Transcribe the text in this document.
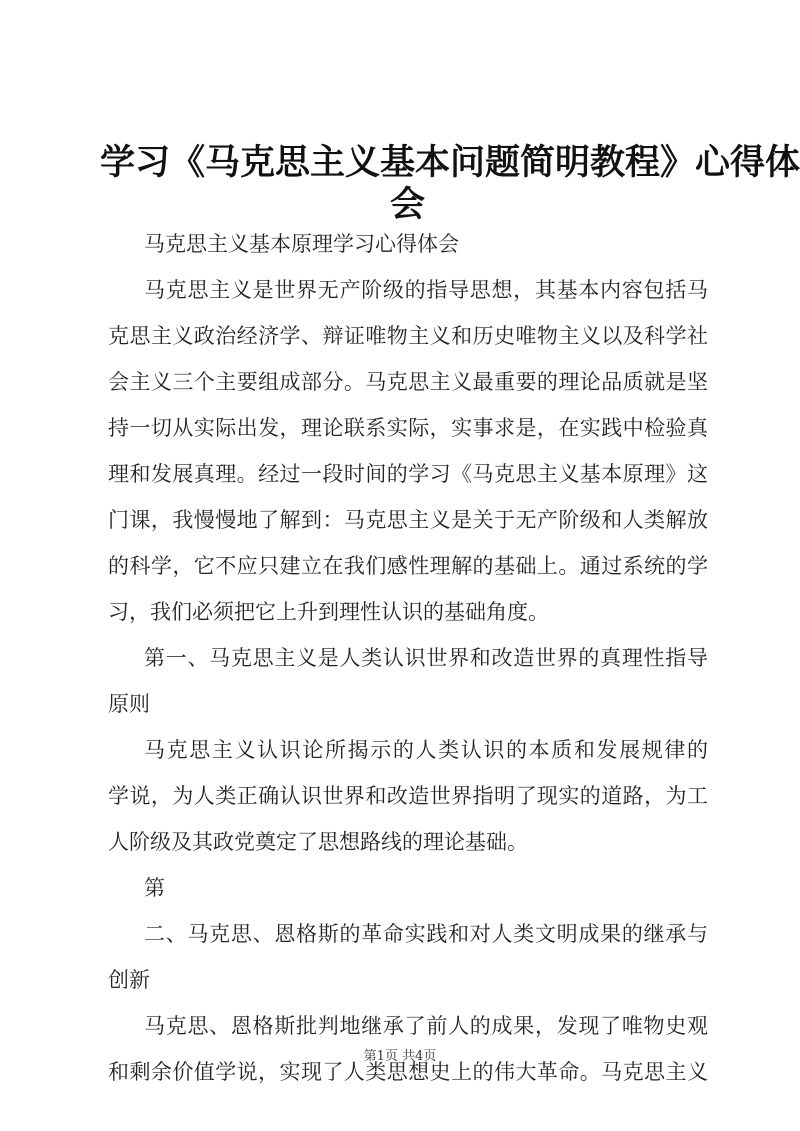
学习《马克思主义基本问题简明教程》心得体
会
马克思主义基本原理学习心得体会
马克思主义是世界无产阶级的指导思想，其基本内容包括马
克思主义政治经济学、辩证唯物主义和历史唯物主义以及科学社
会主义三个主要组成部分。马克思主义最重要的理论品质就是坚
持一切从实际出发，理论联系实际，实事求是，在实践中检验真
理和发展真理。经过一段时间的学习《马克思主义基本原理》这
门课，我慢慢地了解到：马克思主义是关于无产阶级和人类解放
的科学，它不应只建立在我们感性理解的基础上。通过系统的学
习，我们必须把它上升到理性认识的基础角度。
第一、马克思主义是人类认识世界和改造世界的真理性指导
原则
马克思主义认识论所揭示的人类认识的本质和发展规律的
学说，为人类正确认识世界和改造世界指明了现实的道路，为工
人阶级及其政党奠定了思想路线的理论基础。
第
二、马克思、恩格斯的革命实践和对人类文明成果的继承与
创新
马克思、恩格斯批判地继承了前人的成果，发现了唯物史观
和剩余价值学说，实现了人类思想史上的伟大革命。马克思主义
第1页 共4页
